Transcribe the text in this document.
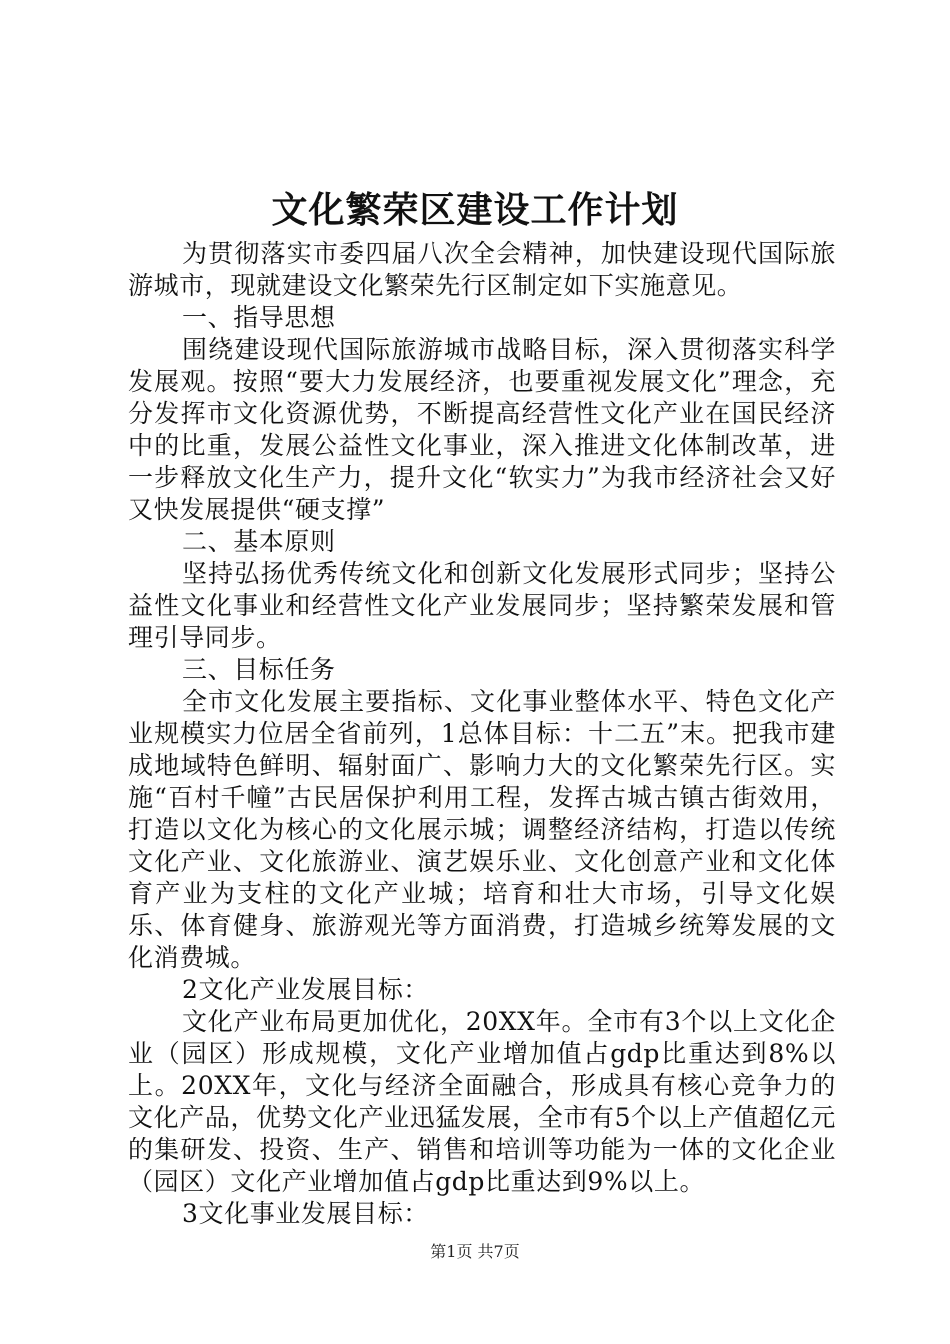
文化繁荣区建设工作计划

为贯彻落实市委四届八次全会精神，加快建设现代国际旅游城市，现就建设文化繁荣先行区制定如下实施意见。

一、指导思想

围绕建设现代国际旅游城市战略目标，深入贯彻落实科学发展观。按照“要大力发展经济，也要重视发展文化”理念，充分发挥市文化资源优势，不断提高经营性文化产业在国民经济中的比重，发展公益性文化事业，深入推进文化体制改革，进一步释放文化生产力，提升文化“软实力”为我市经济社会又好又快发展提供“硬支撑”

二、基本原则

坚持弘扬优秀传统文化和创新文化发展形式同步；坚持公益性文化事业和经营性文化产业发展同步；坚持繁荣发展和管理引导同步。

三、目标任务

全市文化发展主要指标、文化事业整体水平、特色文化产业规模实力位居全省前列，1总体目标：十二五”末。把我市建成地域特色鲜明、辐射面广、影响力大的文化繁荣先行区。实施“百村千幢”古民居保护利用工程，发挥古城古镇古街效用，打造以文化为核心的文化展示城；调整经济结构，打造以传统文化产业、文化旅游业、演艺娱乐业、文化创意产业和文化体育产业为支柱的文化产业城；培育和壮大市场，引导文化娱乐、体育健身、旅游观光等方面消费，打造城乡统筹发展的文化消费城。

2文化产业发展目标：

文化产业布局更加优化，20XX年。全市有3个以上文化企业（园区）形成规模，文化产业增加值占gdp比重达到8%以上。20XX年，文化与经济全面融合，形成具有核心竞争力的文化产品，优势文化产业迅猛发展，全市有5个以上产值超亿元的集研发、投资、生产、销售和培训等功能为一体的文化企业（园区）文化产业增加值占gdp比重达到9%以上。

3文化事业发展目标：

第1页 共7页
